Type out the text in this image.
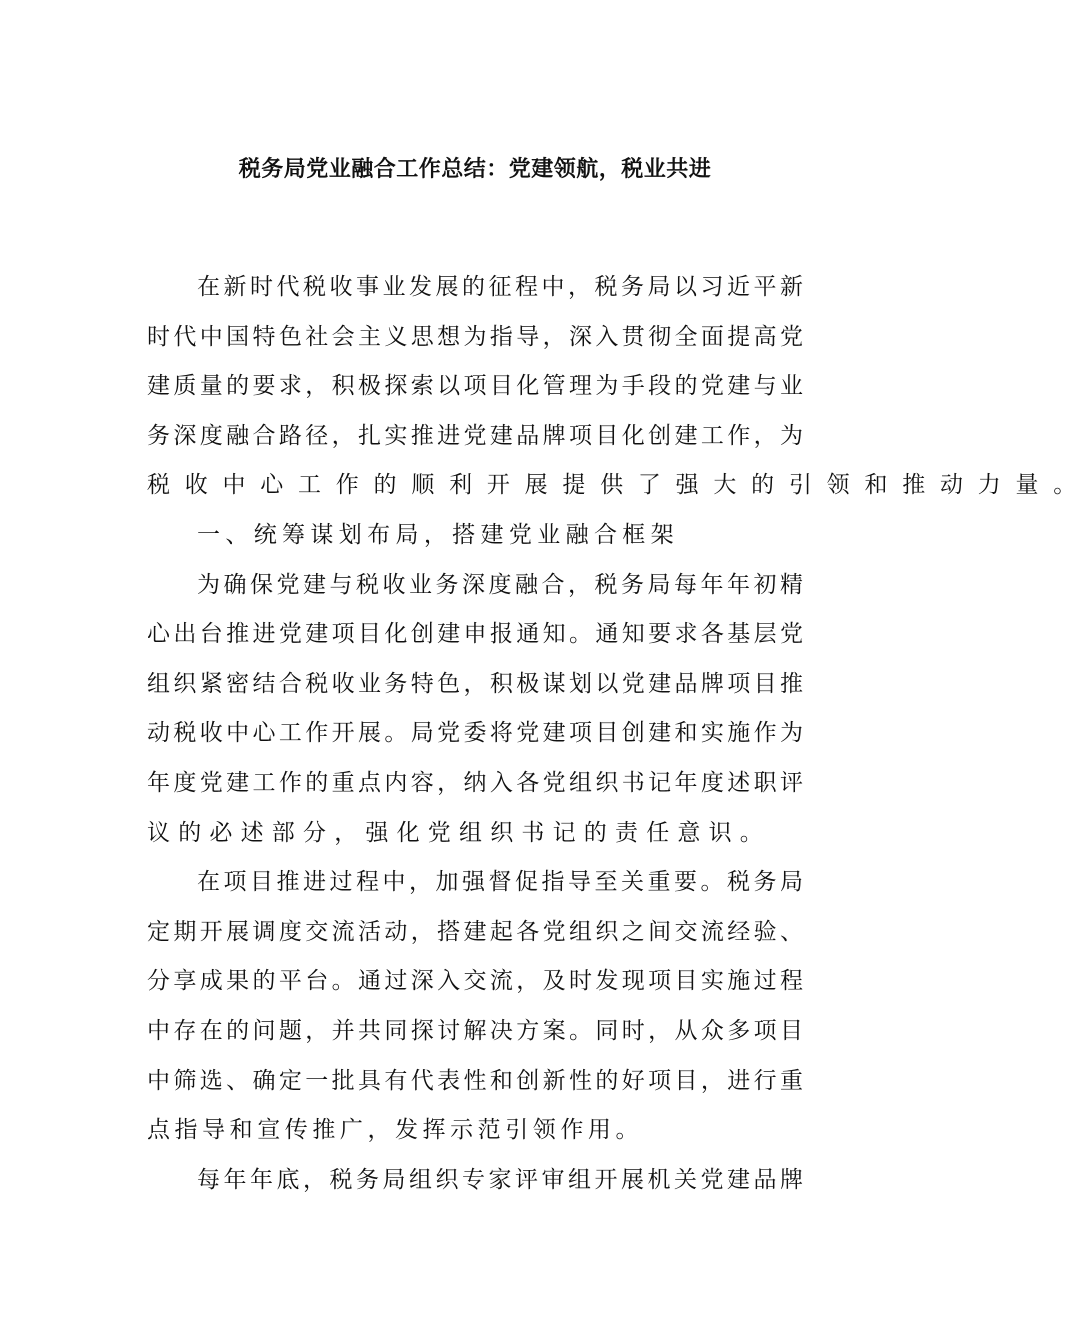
税务局党业融合工作总结：党建领航，税业共进
在新时代税收事业发展的征程中，税务局以习近平新
时代中国特色社会主义思想为指导，深入贯彻全面提高党
建质量的要求，积极探索以项目化管理为手段的党建与业
务深度融合路径，扎实推进党建品牌项目化创建工作，为
税收中心工作的顺利开展提供了强大的引领和推动力量。
一、统筹谋划布局，搭建党业融合框架
为确保党建与税收业务深度融合，税务局每年年初精
心出台推进党建项目化创建申报通知。通知要求各基层党
组织紧密结合税收业务特色，积极谋划以党建品牌项目推
动税收中心工作开展。局党委将党建项目创建和实施作为
年度党建工作的重点内容，纳入各党组织书记年度述职评
议的必述部分，强化党组织书记的责任意识。
在项目推进过程中，加强督促指导至关重要。税务局
定期开展调度交流活动，搭建起各党组织之间交流经验、
分享成果的平台。通过深入交流，及时发现项目实施过程
中存在的问题，并共同探讨解决方案。同时，从众多项目
中筛选、确定一批具有代表性和创新性的好项目，进行重
点指导和宣传推广，发挥示范引领作用。
每年年底，税务局组织专家评审组开展机关党建品牌
